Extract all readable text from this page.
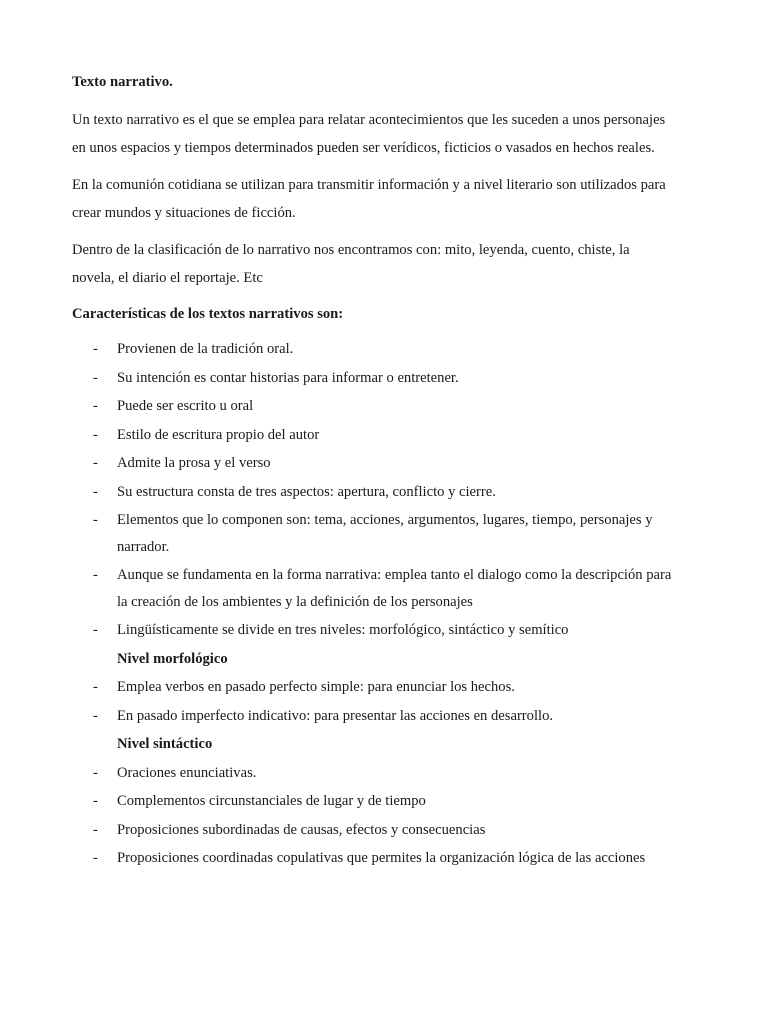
Texto narrativo.

Un texto narrativo es el que se emplea para relatar acontecimientos que les suceden a unos personajes en unos espacios y tiempos determinados pueden ser verídicos, ficticios o vasados en hechos reales.

En la comunión cotidiana se utilizan para transmitir información y a nivel literario son utilizados para crear mundos y situaciones de ficción.

Dentro de la clasificación de lo narrativo nos encontramos con: mito, leyenda, cuento, chiste, la novela, el diario el reportaje. Etc

Características de los textos narrativos son:

- Provienen de la tradición oral.
- Su intención es contar historias para informar o entretener.
- Puede ser escrito u oral
- Estilo de escritura propio del autor
- Admite la prosa y el verso
- Su estructura consta de tres aspectos: apertura, conflicto y cierre.
- Elementos que lo componen son: tema, acciones, argumentos, lugares, tiempo, personajes y narrador.
- Aunque se fundamenta en la forma narrativa: emplea tanto el dialogo como la descripción para la creación de los ambientes y la definición de los personajes
- Lingüísticamente se divide en tres niveles: morfológico, sintáctico y semítico
Nivel morfológico
- Emplea verbos en pasado perfecto simple: para enunciar los hechos.
- En pasado imperfecto indicativo: para presentar las acciones en desarrollo.
Nivel sintáctico
- Oraciones enunciativas.
- Complementos circunstanciales de lugar y de tiempo
- Proposiciones subordinadas de causas, efectos y consecuencias
- Proposiciones coordinadas copulativas que permites la organización lógica de las acciones
